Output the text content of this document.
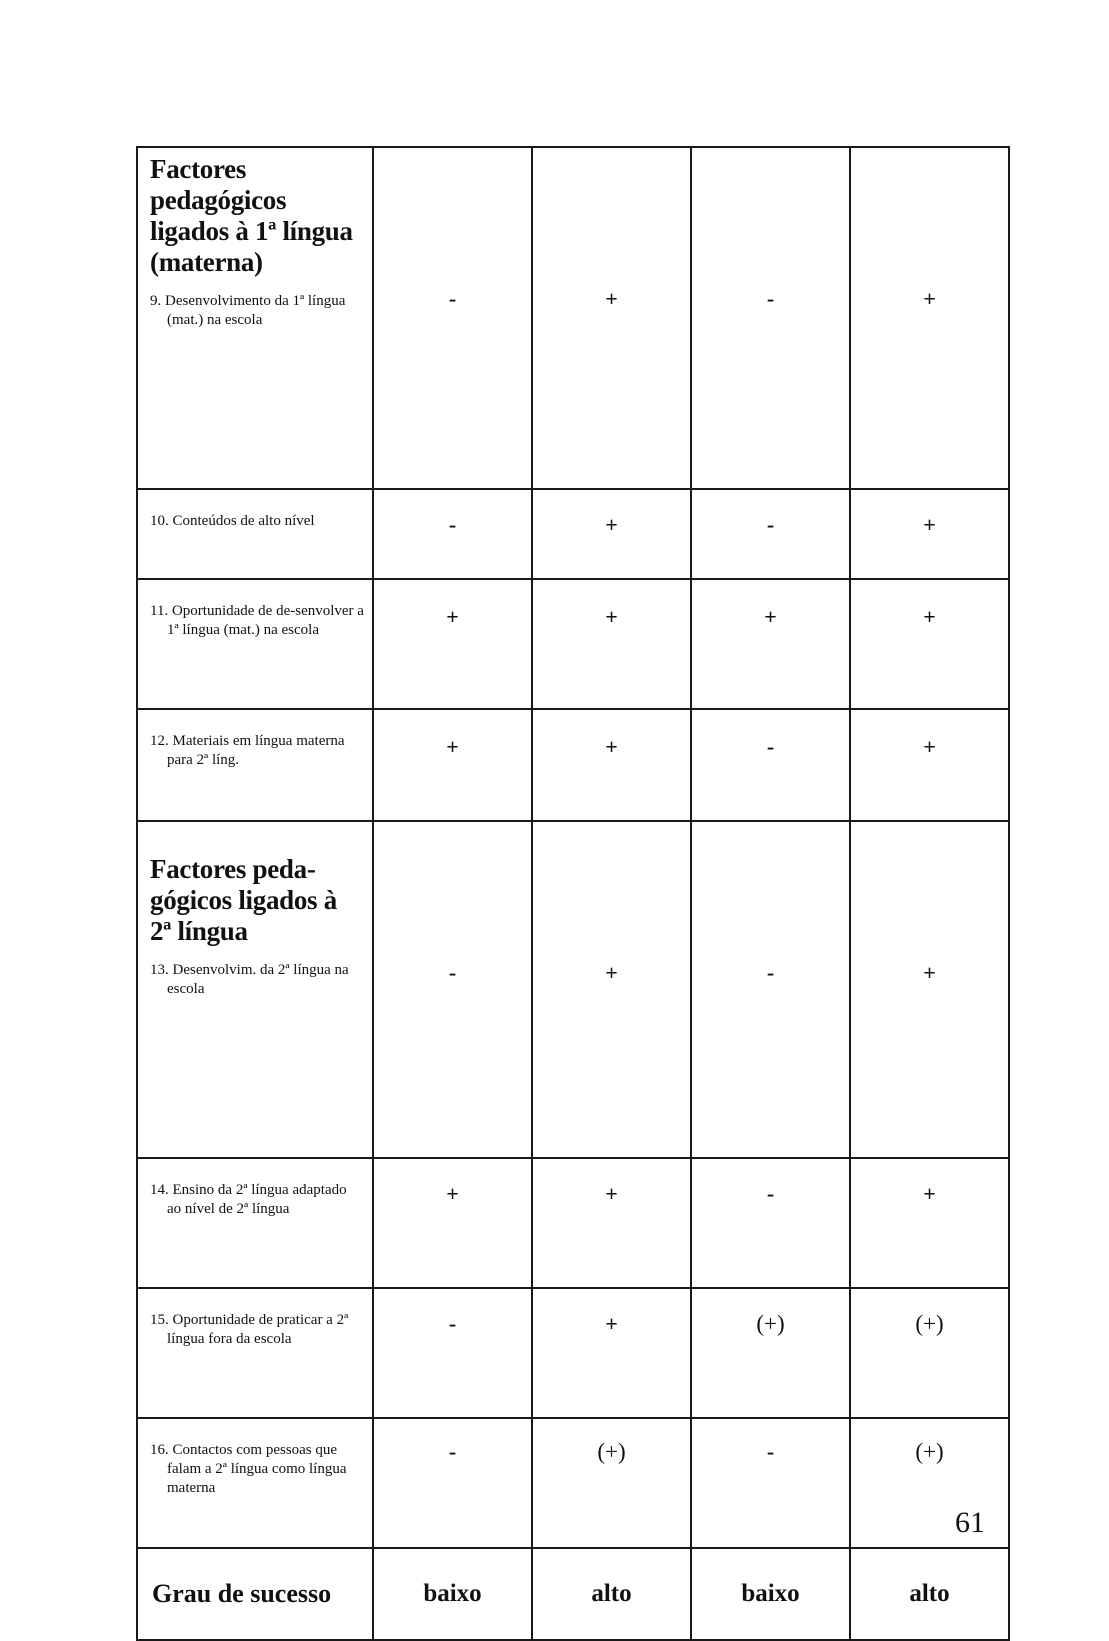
Factores pedagógicos ligados à 1ª língua (materna)
9. Desenvolvimento da 1ª língua (mat.) na escola	-	+	-	+

10. Conteúdos de alto nível	-	+	-	+

11. Oportunidade de de-senvolver a 1ª língua (mat.) na escola	+	+	+	+

12. Materiais em língua materna para 2ª líng.	+	+	-	+

Factores peda-gógicos ligados à 2ª língua
13. Desenvolvim. da 2ª língua na escola	-	+	-	+

14. Ensino da 2ª língua adaptado ao nível de 2ª língua	+	+	-	+

15. Oportunidade de praticar a 2ª língua fora da escola	-	+	(+)	(+)

16. Contactos com pessoas que falam a 2ª língua como língua materna	-	(+)	-	(+)
Grau de sucesso	baixo	alto	baixo	alto
61
